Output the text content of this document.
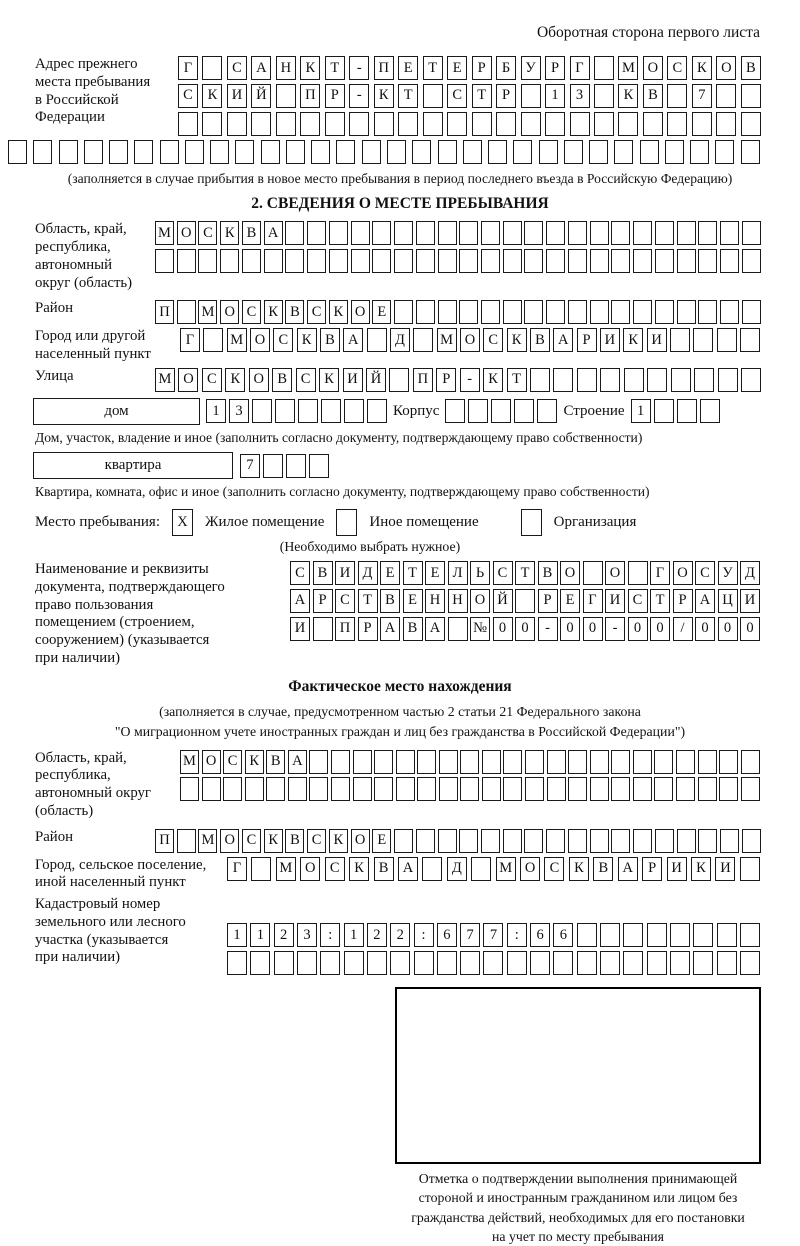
Оборотная сторона первого листа
Адрес прежнего
места пребывания
в Российской
Федерации
Г	С А Н К	Т	-	П	Е	Т	Е	Р	Б	У	Р	Г	М О С	К О В
С	К И Й	П	Р	-	К	Т	С	Т	Р	1	3	К	В	7
(заполняется в случае прибытия в новое место пребывания в период последнего въезда в Российскую Федерацию)
2. СВЕДЕНИЯ О МЕСТЕ ПРЕБЫВАНИЯ
Область, край,
республика,
автономный
округ (область)
М О С К В А
Район	П М О С К В С К О Е
Город или другой
населенный пункт
Г	М О С К В А	Д	М О С К В А Р И К И
Улица	М О С К О В С К И Й	П Р	-	К Т
дом	1	3	Корпус	Строение 1
Дом, участок, владение и иное (заполнить согласно документу, подтверждающему право собственности)
квартира	7
Квартира, комната, офис и иное (заполнить согласно документу, подтверждающему право собственности)
Место пребывания:	X	Жилое помещение	Иное помещение	Организация
(Необходимо выбрать нужное)
Наименование и реквизиты
документа, подтверждающего
право пользования
помещением (строением,
сооружением) (указывается
при наличии)
С В И Д Е Т Е Л Ь С Т В О	О	Г О С У Д
А Р С Т В Е Н Н О Й	Р Е Г И С Т Р А Ц И
И	П Р А В А	№ 0	0	-	0	0	-	0	0	/	0	0	0
Фактическое место нахождения
(заполняется в случае, предусмотренном частью 2 статьи 21 Федерального закона
"О миграционном учете иностранных граждан и лиц без гражданства в Российской Федерации")
Область, край,
республика,
автономный округ
(область)
М О С К В А
Район	П М О С К В С К О Е
Город, сельское поселение,
иной населенный пункт
Г	М О С	К	В А	Д	М О С	К	В А	Р	И К И
Кадастровый номер
земельного или лесного
участка (указывается
при наличии)
1	1	2	3	:	1	2	2	:	6	7	7	:	6	6
Отметка о подтверждении выполнения принимающей
стороной и иностранным гражданином или лицом без
гражданства действий, необходимых для его постановки
на учет по месту пребывания
